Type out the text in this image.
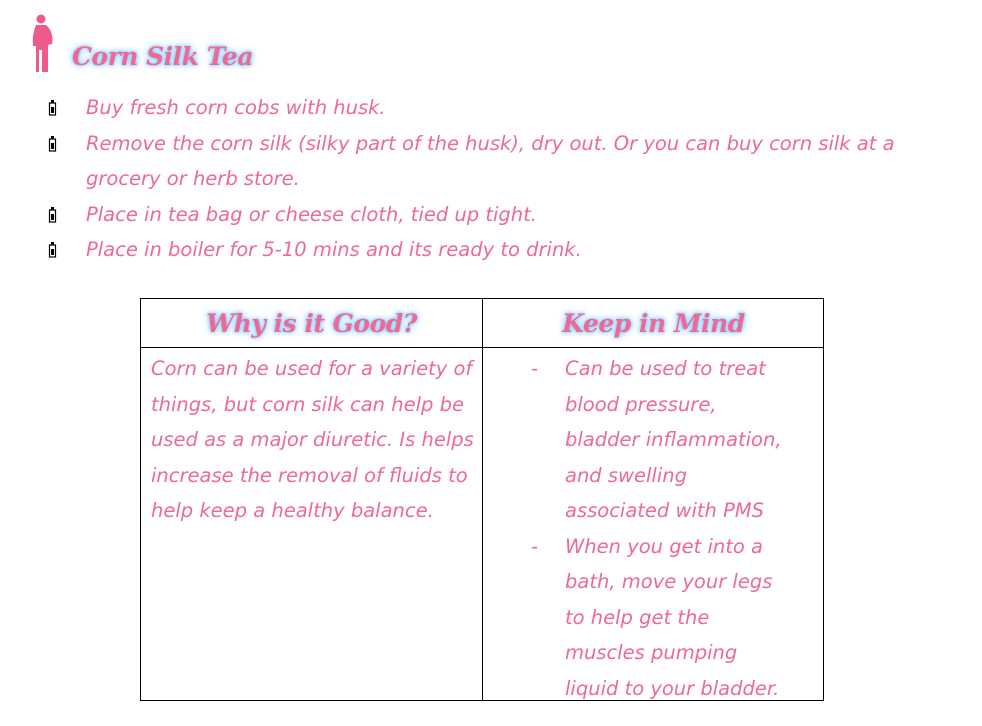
Corn Silk Tea
Buy fresh corn cobs with husk.
Remove the corn silk (silky part of the husk), dry out. Or you can buy corn silk at a grocery or herb store.
Place in tea bag or cheese cloth, tied up tight.
Place in boiler for 5-10 mins and its ready to drink.
Why is it Good?	Keep in Mind
Corn can be used for a variety of things, but corn silk can help be used as a major diuretic. Is helps increase the removal of fluids to help keep a healthy balance.
- Can be used to treat blood pressure, bladder inflammation, and swelling associated with PMS
- When you get into a bath, move your legs to help get the muscles pumping liquid to your bladder.
